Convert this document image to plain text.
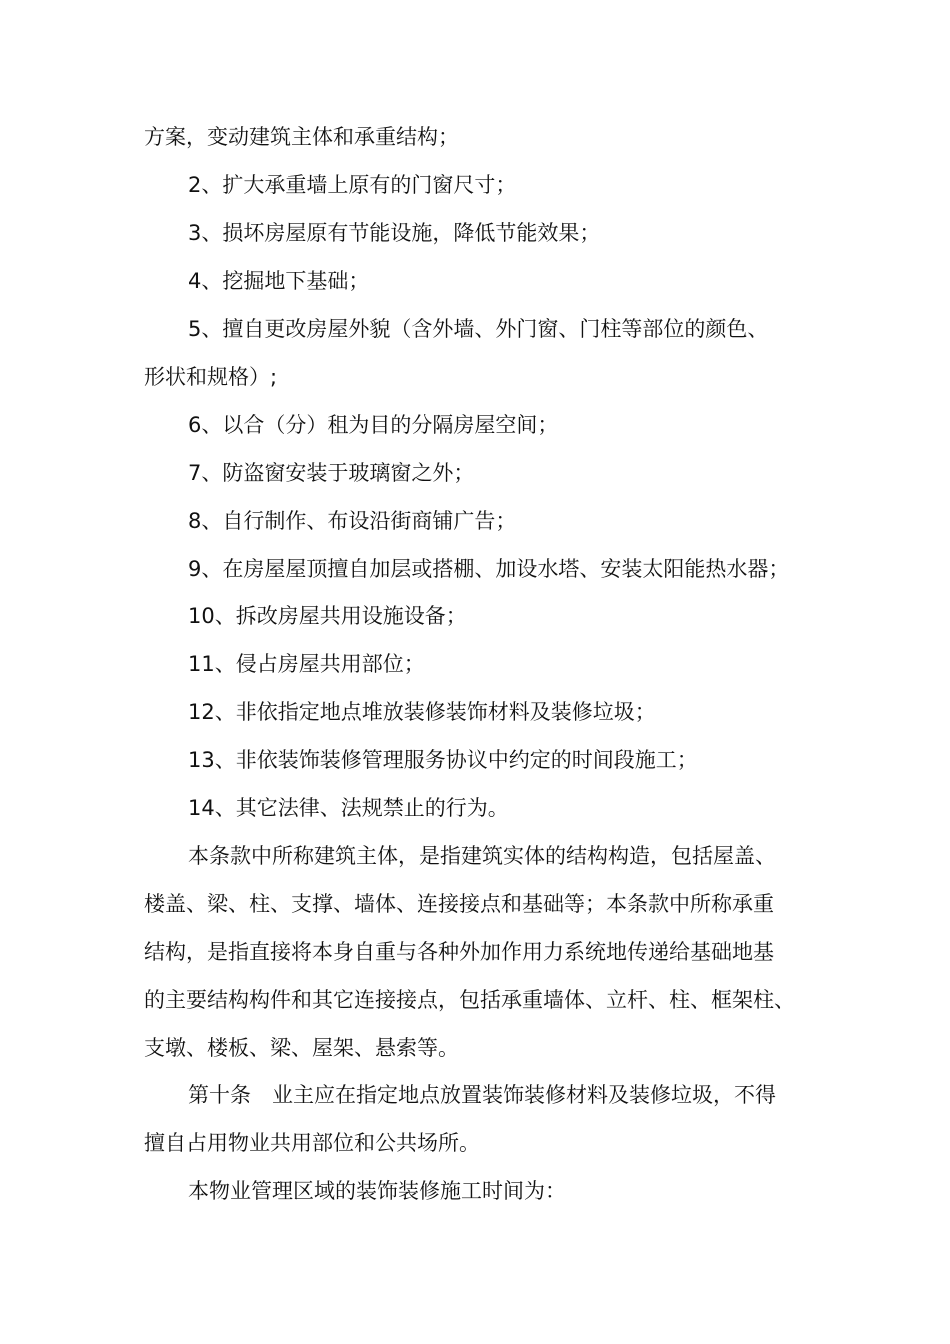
方案，变动建筑主体和承重结构；
2、扩大承重墙上原有的门窗尺寸；
3、损坏房屋原有节能设施，降低节能效果；
4、挖掘地下基础；
5、擅自更改房屋外貌（含外墙、外门窗、门柱等部位的颜色、
形状和规格）;
6、以合（分）租为目的分隔房屋空间；
7、防盗窗安装于玻璃窗之外；
8、自行制作、布设沿街商铺广告；
9、在房屋屋顶擅自加层或搭棚、加设水塔、安装太阳能热水器；
10、拆改房屋共用设施设备；
11、侵占房屋共用部位；
12、非依指定地点堆放装修装饰材料及装修垃圾；
13、非依装饰装修管理服务协议中约定的时间段施工；
14、其它法律、法规禁止的行为。
本条款中所称建筑主体，是指建筑实体的结构构造，包括屋盖、
楼盖、梁、柱、支撑、墙体、连接接点和基础等；本条款中所称承重
结构，是指直接将本身自重与各种外加作用力系统地传递给基础地基
的主要结构构件和其它连接接点，包括承重墙体、立杆、柱、框架柱、
支墩、楼板、梁、屋架、悬索等。
第十条　业主应在指定地点放置装饰装修材料及装修垃圾，不得
擅自占用物业共用部位和公共场所。
本物业管理区域的装饰装修施工时间为：
